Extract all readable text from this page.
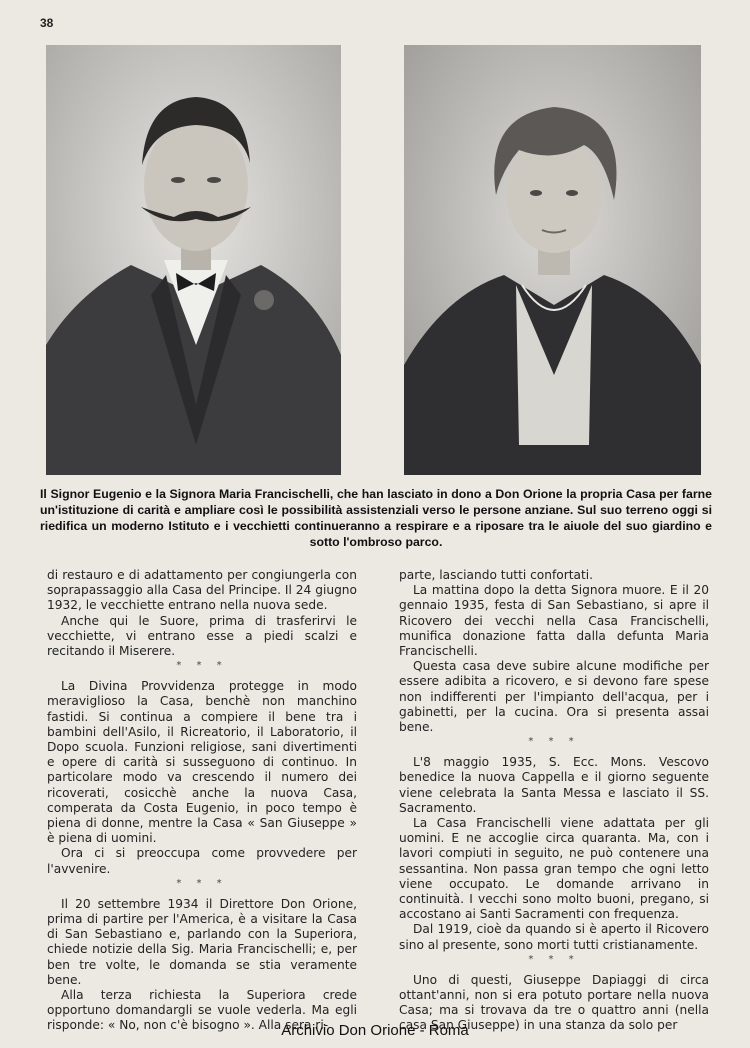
38
Il Signor Eugenio e la Signora Maria Francischelli, che han lasciato in dono a Don Orione la propria Casa per farne un'istituzione di carità e ampliare così le possibilità assistenziali verso le persone anziane. Sul suo terreno oggi si riedifica un moderno Istituto e i vecchietti continueranno a respirare e a riposare tra le aiuole del suo giardino e sotto l'ombroso parco.

di restauro e di adattamento per congiungerla con soprapassaggio alla Casa del Principe. Il 24 giugno 1932, le vecchiette entrano nella nuova sede.

Anche qui le Suore, prima di trasferirvi le vecchiette, vi entrano esse a piedi scalzi e recitando il Miserere.

* * *

La Divina Provvidenza protegge in modo meraviglioso la Casa, benchè non manchino fastidi. Si continua a compiere il bene tra i bambini dell'Asilo, il Ricreatorio, il Laboratorio, il Dopo scuola. Funzioni religiose, sani divertimenti e opere di carità si susseguono di continuo. In particolare modo va crescendo il numero dei ricoverati, cosicchè anche la nuova Casa, comperata da Costa Eugenio, in poco tempo è piena di donne, mentre la Casa « San Giuseppe » è piena di uomini.

Ora ci si preoccupa come provvedere per l'avvenire.

* * *

Il 20 settembre 1934 il Direttore Don Orione, prima di partire per l'America, è a visitare la Casa di San Sebastiano e, parlando con la Superiora, chiede notizie della Sig. Maria Francischelli; e, per ben tre volte, le domanda se stia veramente bene.

Alla terza richiesta la Superiora crede opportuno domandargli se vuole vederla. Ma egli risponde: « No, non c'è bisogno ». Alla sera ri-

parte, lasciando tutti confortati.

La mattina dopo la detta Signora muore. E il 20 gennaio 1935, festa di San Sebastiano, si apre il Ricovero dei vecchi nella Casa Francischelli, munifica donazione fatta dalla defunta Maria Francischelli.

Questa casa deve subire alcune modifiche per essere adibita a ricovero, e si devono fare spese non indifferenti per l'impianto dell'acqua, per i gabinetti, per la cucina. Ora si presenta assai bene.

* * *

L'8 maggio 1935, S. Ecc. Mons. Vescovo benedice la nuova Cappella e il giorno seguente viene celebrata la Santa Messa e lasciato il SS. Sacramento.

La Casa Francischelli viene adattata per gli uomini. E ne accoglie circa quaranta. Ma, con i lavori compiuti in seguito, ne può contenere una sessantina. Non passa gran tempo che ogni letto viene occupato. Le domande arrivano in continuità. I vecchi sono molto buoni, pregano, si accostano ai Santi Sacramenti con frequenza.

Dal 1919, cioè da quando si è aperto il Ricovero sino al presente, sono morti tutti cristianamente.

* * *

Uno di questi, Giuseppe Dapiaggi di circa ottant'anni, non si era potuto portare nella nuova Casa; ma si trovava da tre o quattro anni (nella casa San Giuseppe) in una stanza da solo per

Archivio Don Orione - Roma
